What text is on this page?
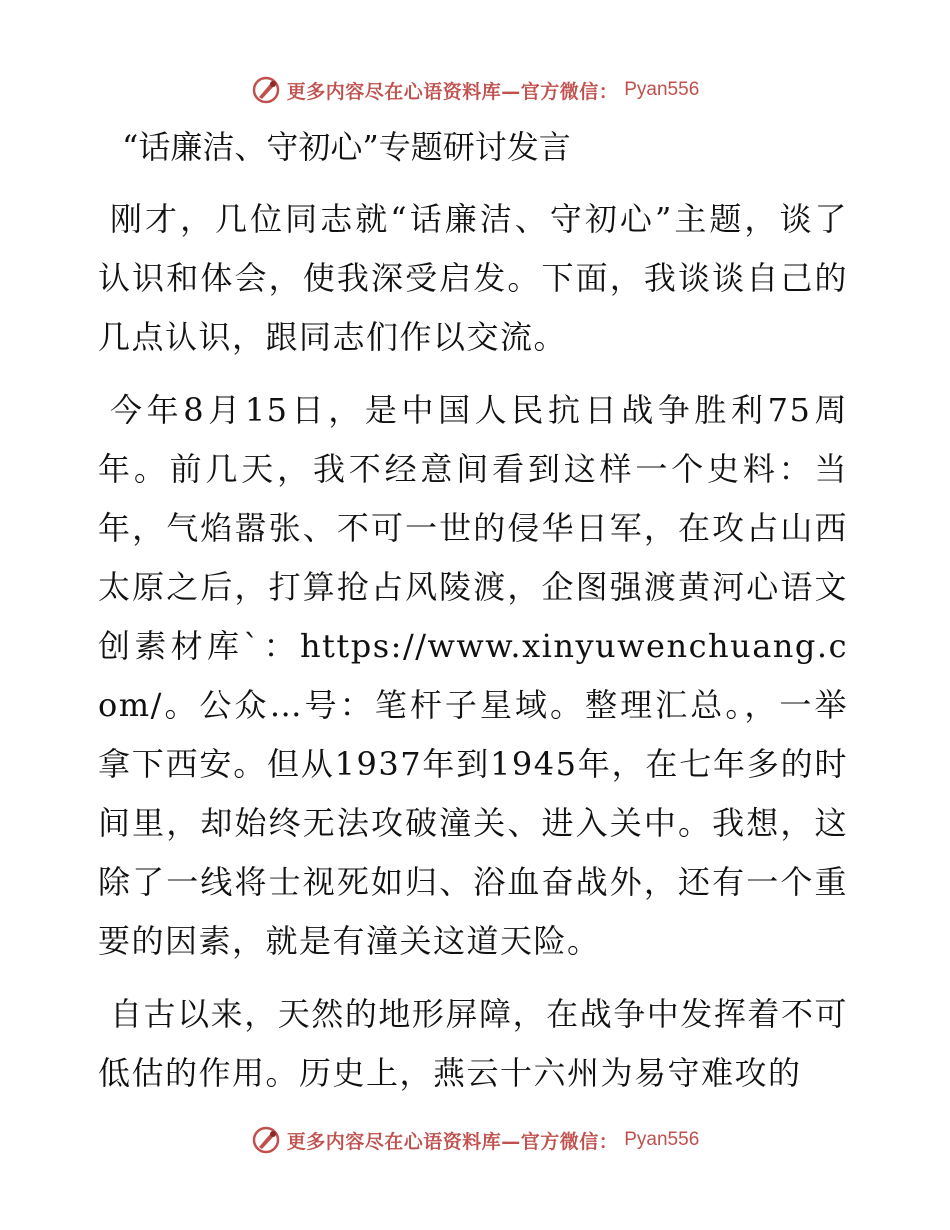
更多内容尽在心语资料库—官方微信： Pyan556
“话廉洁、守初心”专题研讨发言

刚才，几位同志就“话廉洁、守初心”主题，谈了认识和体会，使我深受启发。下面，我谈谈自己的几点认识，跟同志们作以交流。

今年8月15日，是中国人民抗日战争胜利75周年。前几天，我不经意间看到这样一个史料：当年，气焰嚣张、不可一世的侵华日军，在攻占山西太原之后，打算抢占风陵渡，企图强渡黄河心语文创素材库`：https://www.xinyuwenchuang.com/。公众…号：笔杆子星域。整理汇总。，一举拿下西安。但从1937年到1945年，在七年多的时间里，却始终无法攻破潼关、进入关中。我想，这除了一线将士视死如归、浴血奋战外，还有一个重要的因素，就是有潼关这道天险。

自古以来，天然的地形屏障，在战争中发挥着不可低估的作用。历史上，燕云十六州为易守难攻的

更多内容尽在心语资料库—官方微信： Pyan556
